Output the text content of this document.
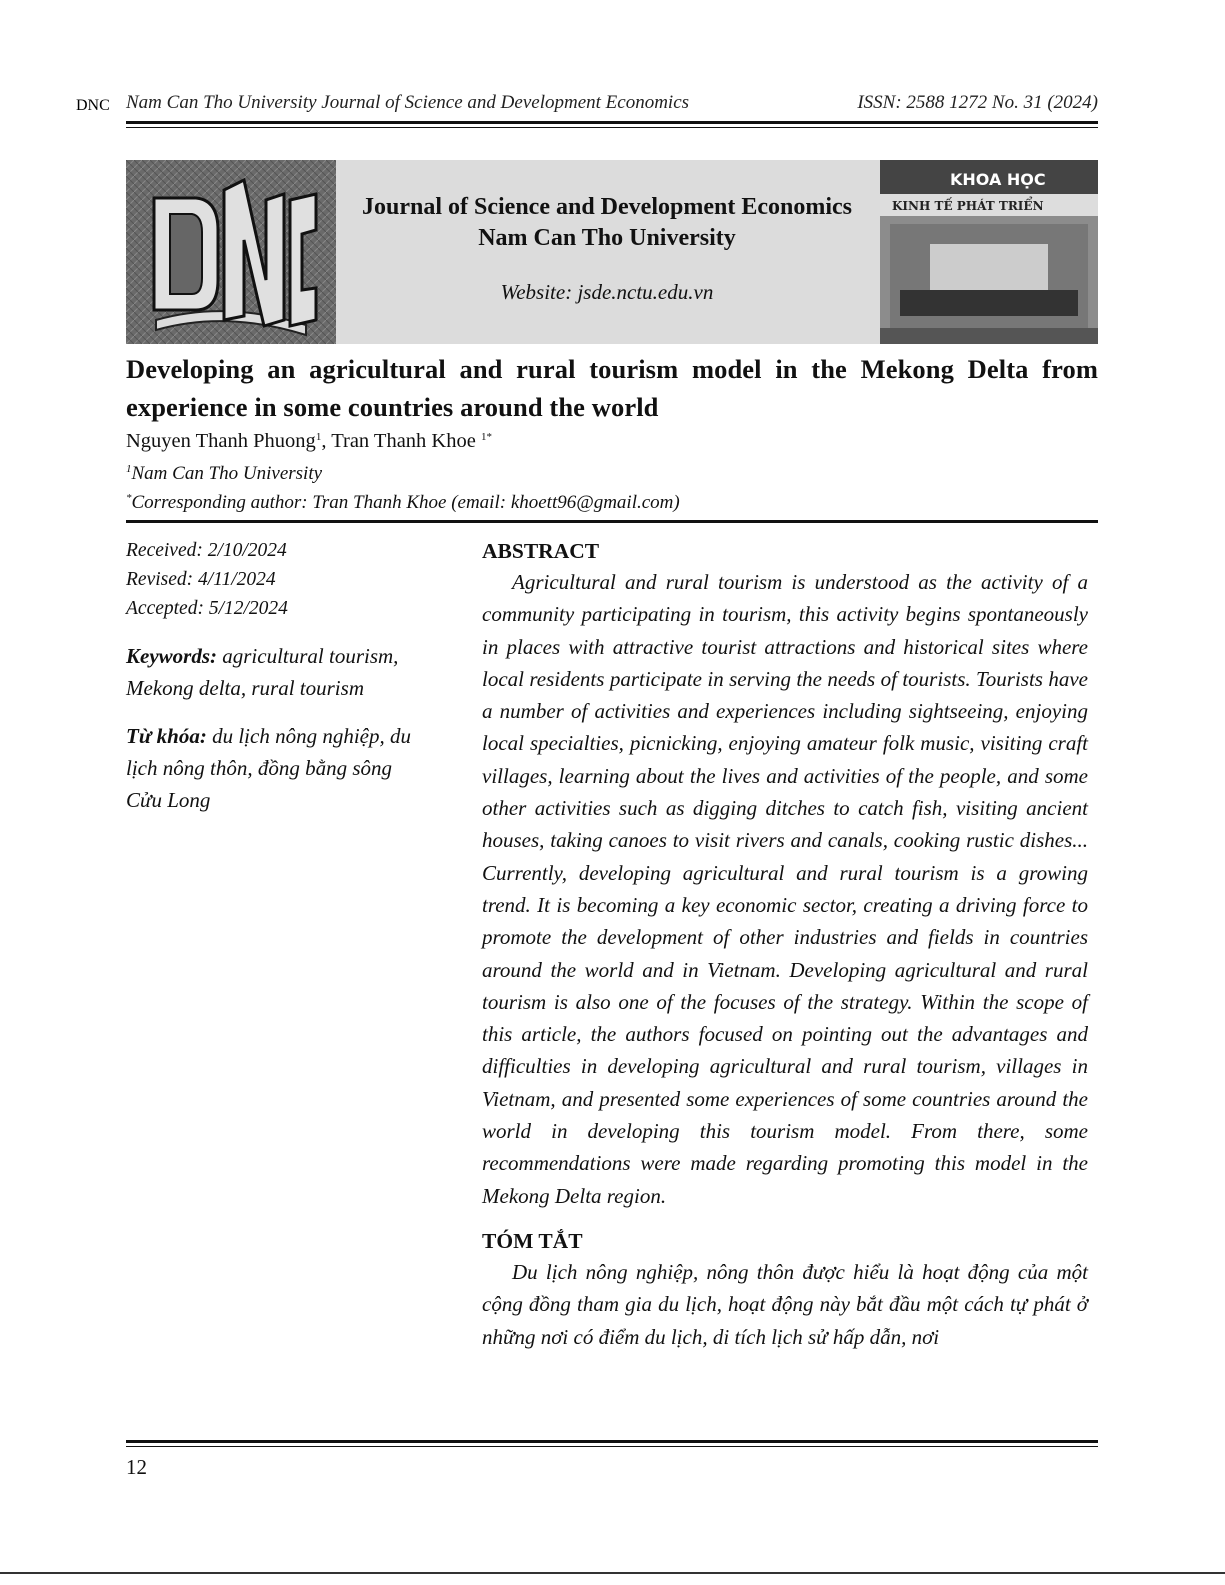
Nam Can Tho University Journal of Science and Development Economics	ISSN: 2588 1272 No. 31 (2024)
DNC
Journal of Science and Development Economics
Nam Can Tho University
Website: jsde.nctu.edu.vn
KHOA HỌC
KINH TẾ PHÁT TRIỂN
Developing an agricultural and rural tourism model in the Mekong Delta from experience in some countries around the world
Nguyen Thanh Phuong$^1$, Tran Thanh Khoe $^{1*}$
$^1$Nam Can Tho University
*Corresponding author: Tran Thanh Khoe (email: khoett96@gmail.com)
Received: 2/10/2024
Revised: 4/11/2024
Accepted: 5/12/2024
Keywords: agricultural tourism, Mekong delta, rural tourism
Từ khóa: du lịch nông nghiệp, du lịch nông thôn, đồng bằng sông Cửu Long
ABSTRACT

Agricultural and rural tourism is understood as the activity of a community participating in tourism, this activity begins spontaneously in places with attractive tourist attractions and historical sites where local residents participate in serving the needs of tourists. Tourists have a number of activities and experiences including sightseeing, enjoying local specialties, picnicking, enjoying amateur folk music, visiting craft villages, learning about the lives and activities of the people, and some other activities such as digging ditches to catch fish, visiting ancient houses, taking canoes to visit rivers and canals, cooking rustic dishes... Currently, developing agricultural and rural tourism is a growing trend. It is becoming a key economic sector, creating a driving force to promote the development of other industries and fields in countries around the world and in Vietnam. Developing agricultural and rural tourism is also one of the focuses of the strategy. Within the scope of this article, the authors focused on pointing out the advantages and difficulties in developing agricultural and rural tourism, villages in Vietnam, and presented some experiences of some countries around the world in developing this tourism model. From there, some recommendations were made regarding promoting this model in the Mekong Delta region.

TÓM TẮT

Du lịch nông nghiệp, nông thôn được hiểu là hoạt động của một cộng đồng tham gia du lịch, hoạt động này bắt đầu một cách tự phát ở những nơi có điểm du lịch, di tích lịch sử hấp dẫn, nơi

12
